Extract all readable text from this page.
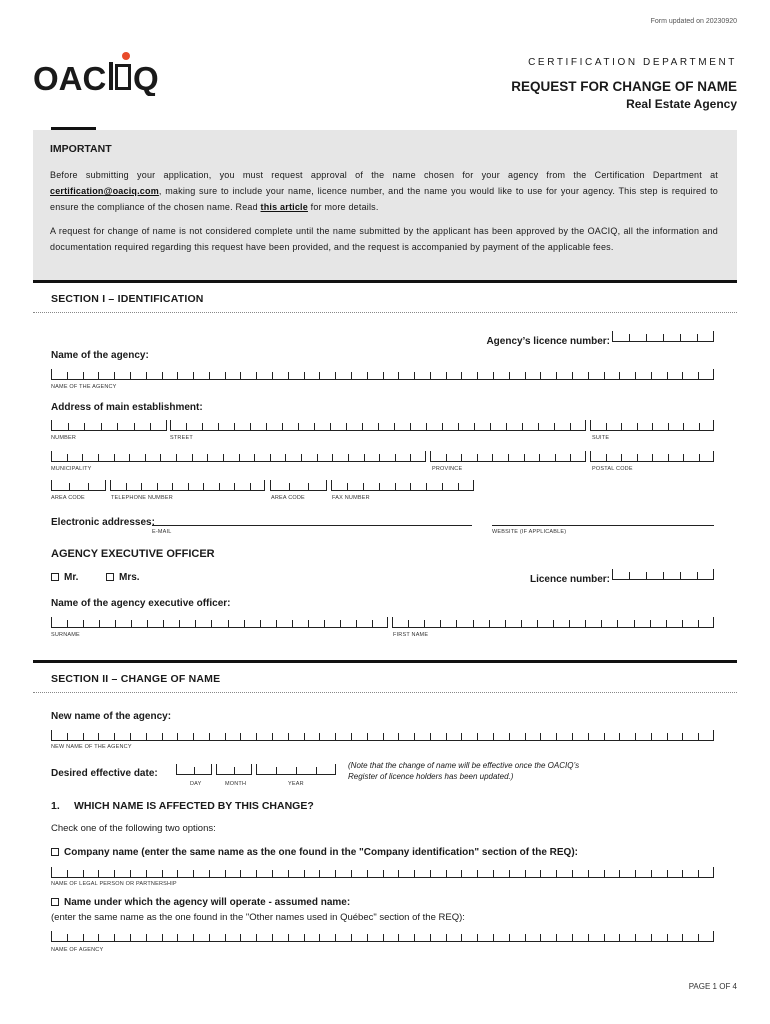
Form updated on 20230920
OAC Q	CERTIFICATION DEPARTMENT
REQUEST FOR CHANGE OF NAME
Real Estate Agency
IMPORTANT
Before submitting your application, you must request approval of the name chosen for your agency from the Certification Department at certification@oaciq.com, making sure to include your name, licence number, and the name you would like to use for your agency. This step is required to ensure the compliance of the chosen name. Read this article for more details.
A request for change of name is not considered complete until the name submitted by the applicant has been approved by the OACIQ, all the information and documentation required regarding this request have been provided, and the request is accompanied by payment of the applicable fees.
SECTION I – IDENTIFICATION
Agency’s licence number:
Name of the agency:
NAME OF THE AGENCY
Address of main establishment:
NUMBER	STREET	SUITE
MUNICIPALITY	PROVINCE	POSTAL CODE
AREA CODE	TELEPHONE NUMBER	AREA CODE	FAX NUMBER
Electronic addresses:
E-MAIL	WEBSITE (IF APPLICABLE)
AGENCY EXECUTIVE OFFICER
Mr.	Mrs.	Licence number:
Name of the agency executive officer:
SURNAME	FIRST NAME
SECTION II – CHANGE OF NAME
New name of the agency:
NEW NAME OF THE AGENCY
Desired effective date:
DAY	MONTH	YEAR
(Note that the change of name will be effective once the OACIQ’s Register of licence holders has been updated.)
1. WHICH NAME IS AFFECTED BY THIS CHANGE?
Check one of the following two options:
Company name (enter the same name as the one found in the "Company identification" section of the REQ):
NAME OF LEGAL PERSON OR PARTNERSHIP
Name under which the agency will operate - assumed name:
(enter the same name as the one found in the "Other names used in Québec" section of the REQ):
NAME OF AGENCY
PAGE 1 OF 4
